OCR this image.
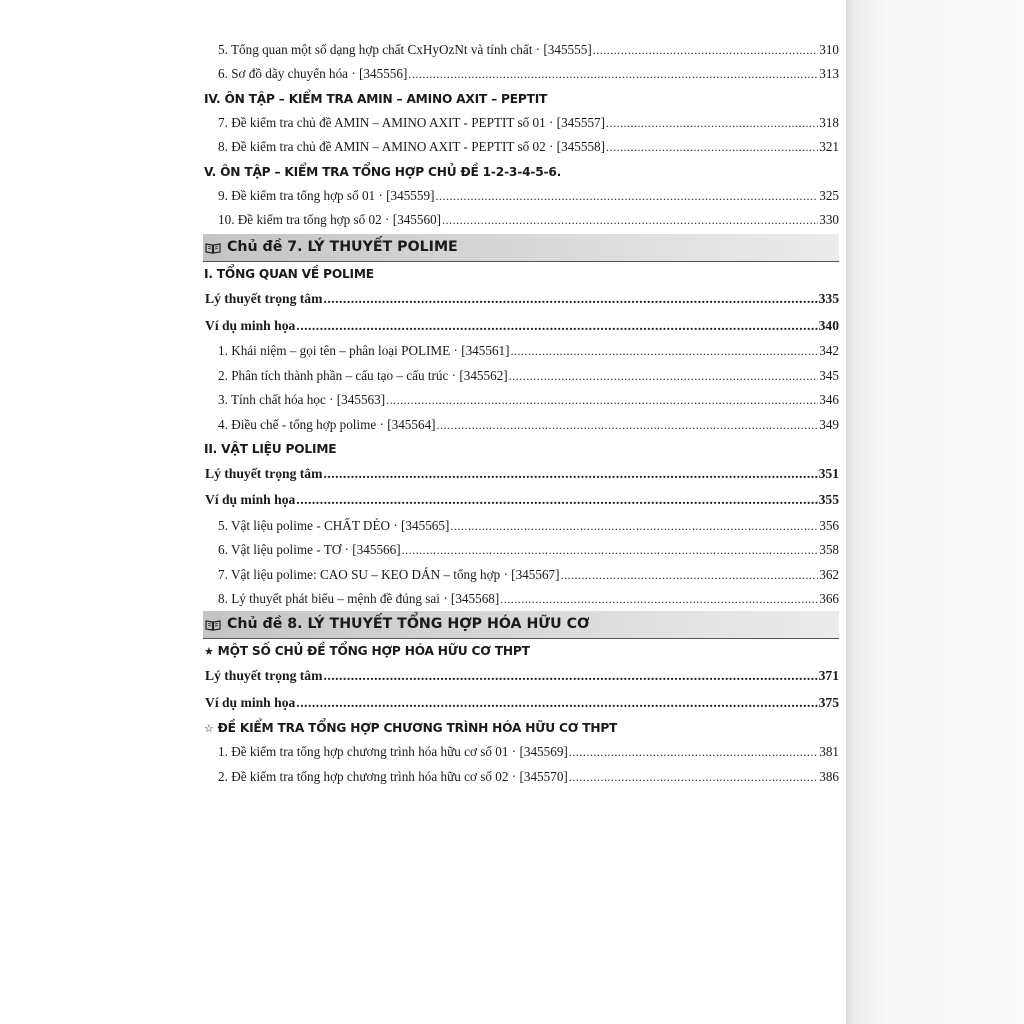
5. Tổng quan một số dạng hợp chất CxHyOzNt và tính chất · [345555] .....	310
6. Sơ đồ dãy chuyển hóa · [345556] .....	313
IV. ÔN TẬP – KIỂM TRA AMIN – AMINO AXIT – PEPTIT
7. Đề kiểm tra chủ đề AMIN – AMINO AXIT - PEPTIT số 01 · [345557] .....	318
8. Đề kiểm tra chủ đề AMIN – AMINO AXIT - PEPTIT số 02 · [345558] .....	321
V. ÔN TẬP – KIỂM TRA TỔNG HỢP CHỦ ĐỀ 1-2-3-4-5-6.
9. Đề kiểm tra tổng hợp số 01 · [345559] .....	325
10. Đề kiểm tra tổng hợp số 02 · [345560] .....	330
Chủ đề 7. LÝ THUYẾT POLIME
I. TỔNG QUAN VỀ POLIME
Lý thuyết trọng tâm .....	335
Ví dụ minh họa .....	340
1. Khái niệm – gọi tên – phân loại POLIME · [345561] .....	342
2. Phân tích thành phần – cấu tạo – cấu trúc · [345562] .....	345
3. Tính chất hóa học · [345563] .....	346
4. Điều chế - tổng hợp polime · [345564] .....	349
II. VẬT LIỆU POLIME
Lý thuyết trọng tâm .....	351
Ví dụ minh họa .....	355
5. Vật liệu polime - CHẤT DẺO · [345565] .....	356
6. Vật liệu polime - TƠ · [345566] .....	358
7. Vật liệu polime: CAO SU – KEO DÁN – tổng hợp · [345567] .....	362
8. Lý thuyết phát biểu – mệnh đề đúng sai · [345568] .....	366
Chủ đề 8. LÝ THUYẾT TỔNG HỢP HÓA HỮU CƠ
★ MỘT SỐ CHỦ ĐỀ TỔNG HỢP HÓA HỮU CƠ THPT
Lý thuyết trọng tâm .....	371
Ví dụ minh họa .....	375
☆ ĐỀ KIỂM TRA TỔNG HỢP CHƯƠNG TRÌNH HÓA HỮU CƠ THPT
1. Đề kiểm tra tổng hợp chương trình hóa hữu cơ số 01 · [345569] .....	381
2. Đề kiểm tra tổng hợp chương trình hóa hữu cơ số 02 · [345570] .....	386
